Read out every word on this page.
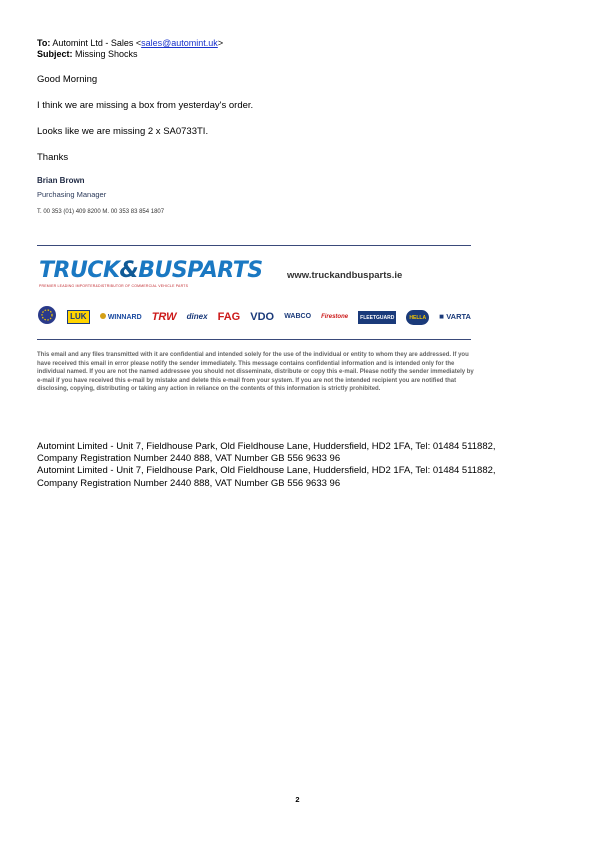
To: Automint Ltd - Sales <sales@automint.uk>
Subject: Missing Shocks

Good Morning

I think we are missing a box from yesterday's order.

Looks like we are missing 2 x SA0733TI.

Thanks

Brian Brown
Purchasing Manager
T. 00 353 (01) 409 8200 M. 00 353 83 854 1807
TRUCK&BUSPARTS
PREMIER LEADING IMPORTER&DISTRIBUTOR OF COMMERCIAL VEHICLE PARTS
www.truckandbusparts.ie
LUK	WINNARD TRW dinex FAG VDO WABCO Firestone	FLEETGUARD	HELLA	■ VARTA
This email and any files transmitted with it are confidential and intended solely for the use of the individual or entity to whom they are addressed. If you have received this email in error please notify the sender immediately. This message contains confidential information and is intended only for the individual named. If you are not the named addressee you should not disseminate, distribute or copy this e-mail. Please notify the sender immediately by e-mail if you have received this e-mail by mistake and delete this e-mail from your system. If you are not the intended recipient you are notified that disclosing, copying, distributing or taking any action in reliance on the contents of this information is strictly prohibited.
Automint Limited - Unit 7, Fieldhouse Park, Old Fieldhouse Lane, Huddersfield, HD2 1FA, Tel: 01484 511882,
Company Registration Number 2440 888, VAT Number GB 556 9633 96
Automint Limited - Unit 7, Fieldhouse Park, Old Fieldhouse Lane, Huddersfield, HD2 1FA, Tel: 01484 511882,
Company Registration Number 2440 888, VAT Number GB 556 9633 96
2
